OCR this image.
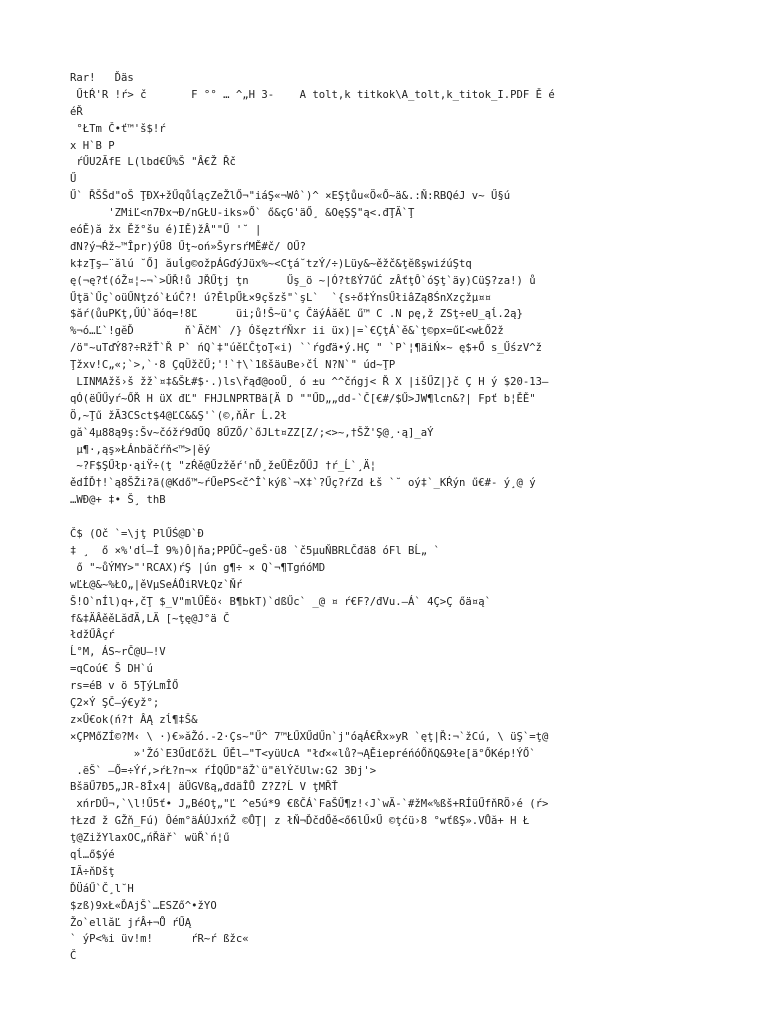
Rar!   Ďäs
ŰtŔ'R !ŕ> č       F °° … ^„H 3-    A tolt,k titkok\A_tolt,k_titok_I.PDF Ě é
éŘ
°ŁTm Č•ť™'š$!ŕ
x H`B P
ŕŰU2ĂfE L(lbd€Ű%Š "Â€Ž Řč
Ű
Ű` ŘŠŠd"oŠ ŢĐX+žŰqůĺąçZeŽlŐ¬"iáŞ«¬Wô`)^ ×EŞţůu«Ö«Ő~ä&.:Ň:RBQéJ v~ Ű§ú
'ZMiĽ<n7Đx¬Đ/nGŁU-iks»Ő` ő&çG'äŐ¸ &OęŞŞ"ą<.đŢĂ`Ţ
eóĚ)ă žx Ěž°šu é)IĚ)žÂ""Ű '˘ |
đN?ý¬Ŕž~™Îpr)ýŰ8 Űţ~oń»ŠyrsŕMĚ#č/ OŰ?
k‡zŢş—¨ălú ˘Ő] ăuĺg©ožpÁGďýJüx%~<Cţá˘tzÝ/÷)Lüy&~ěžč&ţĕßşwiźúŞtq
ę(¬ę?ť(óŽ¤¦~¬`>ŰŘ!ů JŘŰţj ţn      Űş_ö ~|Ó?tßÝ7űĆ zÂťţÔ`óŞţ`äy)CüŞ?za!) ů
Űţä`Űç`oüŰNţzó`ŁúČ?! ú?ĚlpŰŁ×9çšzš"`şL`  `{s÷ő‡ÝnsŰłiâZą8ŚnXzçžµ¤¤
$ăŕ(ůuPKţ,ŰÚ`ăóq=!8Ľ      üi;ů!Š~ü'ç ČäýÁăěĽ ű™ C .N pę,ž ZSţ÷eU_ąĺ.2ą}
%¬ó…Ľ`!gĕĎ        ň`ĂčM` /} ÓšęztŕŇxr ii üx)|=`€ÇţÁ`ě&`ţ©px=űĽ<wŁŐ2ž
/ö"~uTďÝ8?÷RžŤ`Ř P` ńQ`‡"úěĽČţoŢ«i) ``ŕgďä•ý.HÇ " `P`¦¶äiŃ×~ ę$+Ő s_ŰśzV^ž
Ţžxv!C„«;`>,`·8 ÇqÜžčŰ;'!`†\`1ßšäuBe›čĺ N?N`" úd~ŢP
LINMAžš›š žž`¤‡&ŠŁ#$·.)ls\řąđ@ooŰ¸ ó ±u ^^čńgj< Ř X |išŰZ|}č Ç H ý $20-13—
qÓ(ëŰŰyŕ~ŐŘ H üX đĽ" FHJLNPRTBä[Ä D ""ŰD„„dd-`Č[€#/$Ű>JW¶lcn&?| Fpť b¦ĚĚ"
Ö,~Ţű žĂ3CSct$4@ĽC&&Ş'`(©,ňÄr Ĺ.2ł
gă`4µ88ą9ş:Šv~čóžŕ9đŰQ 8ŰZŐ/`őJLt¤ZZ[Z/;<>~,†ŠŽ'Ş@¸·ą]_aÝ
µ¶·,ąş»ŁÁnbăčŕň<™>|ĕý
~?F$ŞŰłp·ąiŸ÷(ţ "zŔě@ŰzžěŕʿnĎ¸žeŰĚzŐŰJ †ŕ_Ĺ`¸Ä¦
ědÍĎ†!`ą8ŠŽi?ä(@Kdő™~ŕŰePS<č^Î`kýß`¬X‡`?Űç?ŕZd Łš `˘ oý‡`_KŔýn ű€#- ý¸@ ý
…WĐ@+ ‡• Š¸ thB
Č$ (Oč `=\jţ PlŰŚ@D`Đ
‡ ¸  ő ×%'dĺ—Î 9%)Ô|ňa;PPŰČ~geŠ·ü8 `č5µuŇBRLČđä8 óFl BĹ„ `
ő "~ůÝMY>"'RCAX)ŕŞ |ún g¶÷ × Q`¬¶TgńóMD
wĽŁ@&~%ŁO„|ěVµSeÁŮiRVŁQz`Ňŕ
Š!O`nÍl)q+,čŢ $_V"mlŰĚö‹ B¶bkT)`dßŰc` _@ ¤ ŕ€F?/đVu.—Á` 4Ç>Ç őä¤ą`
f&‡ÄÂěěLăđÄ,LÄ [~ţę@J°ä Č
łdžŰÂçŕ
Ĺ°M, ÁS~rČ@U—!V
=qCoú€ Š DH`ú
rs=éB v ö 5ŢýLmÎŐ
Ç2×Ý ŞČ—ý€yž°;
z×Ű€ok(ń?† ÂĄ zĺ¶‡Š&
×ÇPMőZÍ©?M‹ \ ·)€»ăŽó.-2·Çs~"Ű^ 7™ŁŰXŰdŰn`j"óąÁ€Řx»yR `ęţ|Ř:¬`žCú, \ üŞ`=ţ@
»'Žó`E3ŰdĽőžL ŰĚl—"T<yüUcA "łď×«lů?¬ĄĚiepréńóŐňQ&9łe[ä°ŐKép!ÝŐ`
.ëŠ` —Ő=÷Ýŕ,>ŕŁ?n¬× ŕÍQŰD"äŽ`ü"ëlÝčUlw:G2 3Đj'>
BšäŰ7Đ5„JR-8Îx4| äŰGVßą„đdäÎŮ Z?Z?Ĺ V ţMŘŤ
xńrDŰ¬,`\l!Ű5ť• J„BéOţ„"Ľ ^e5ú*9 €ßČÁ`FaŠŰ¶z!‹J`wÄ-`#žM«%ßš+RÍüŰfňRÖ›é (ŕ>
†Łzđ ž GŽň_Fú) Ôém°äÁÚJxńŽ ©ŮŢ| z łŇ¬ĎčdŐě<ő6lŰ×Ű ©ţćü›8 °wťßŞ».VŮă+ H Ł
ţ@ZižYlaxOC„ńŘäř` wüŘ`ń¦ű
qĺ…ő$ýé
IĂ÷ňDšţ
ĎÜáŰ`Č¸l˘H
$zß)9xŁ«ĎAjŠ`…ESZő^•žYO
Žo`ellăĽ jŕÂ+¬Ů ŕŰĄ
` ýP<%i üv!m!      ŕR~ŕ ßžc«
Č
